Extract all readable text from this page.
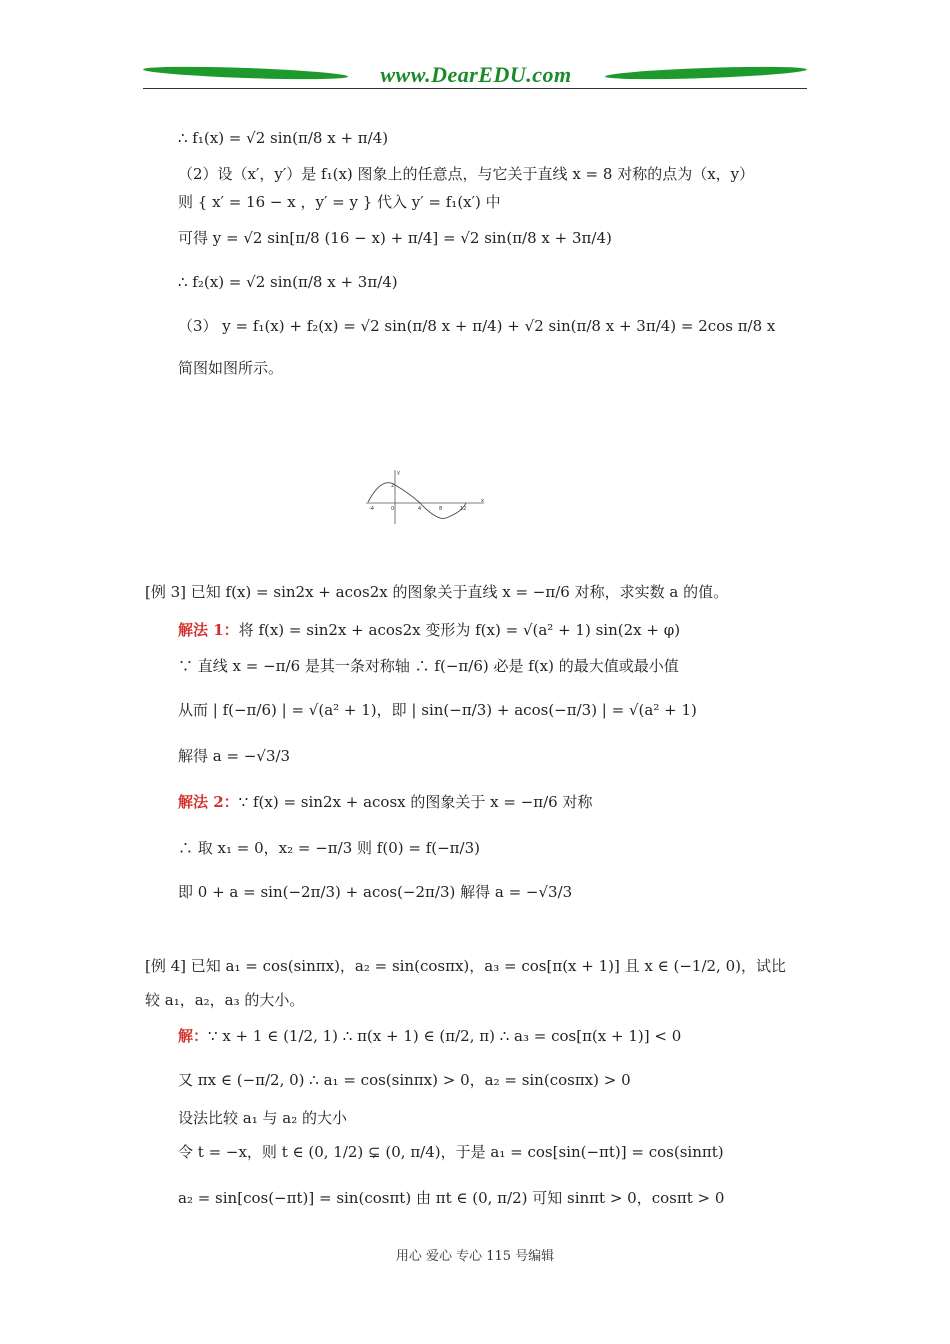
www.DearEDU.com
∴ f₁(x) = √2 sin(π/8 x + π/4)
（2）设（x′，y′）是 f₁(x) 图象上的任意点，与它关于直线 x = 8 对称的点为（x，y）
则 { x′ = 16 − x ，y′ = y } 代入 y′ = f₁(x′) 中
可得 y = √2 sin[π/8 (16 − x) + π/4] = √2 sin(π/8 x + 3π/4)
∴ f₂(x) = √2 sin(π/8 x + 3π/4)
（3） y = f₁(x) + f₂(x) = √2 sin(π/8 x + π/4) + √2 sin(π/8 x + 3π/4) = 2cos π/8 x
简图如图所示。
x
y
2
-4	0	4	8	12
[例 3] 已知 f(x) = sin2x + acos2x 的图象关于直线 x = −π/6 对称，求实数 a 的值。
解法 1：将 f(x) = sin2x + acos2x 变形为 f(x) = √(a² + 1) sin(2x + φ)
∵ 直线 x = −π/6 是其一条对称轴 ∴ f(−π/6) 必是 f(x) 的最大值或最小值
从而 | f(−π/6) | = √(a² + 1)，即 | sin(−π/3) + acos(−π/3) | = √(a² + 1)
解得 a = −√3/3
解法 2：∵ f(x) = sin2x + acosx 的图象关于 x = −π/6 对称
∴ 取 x₁ = 0，x₂ = −π/3 则 f(0) = f(−π/3)
即 0 + a = sin(−2π/3) + acos(−2π/3) 解得 a = −√3/3
[例 4] 已知 a₁ = cos(sinπx)，a₂ = sin(cosπx)，a₃ = cos[π(x + 1)] 且 x ∈ (−1/2, 0)，试比
较 a₁，a₂，a₃ 的大小。
解：∵ x + 1 ∈ (1/2, 1) ∴ π(x + 1) ∈ (π/2, π) ∴ a₃ = cos[π(x + 1)] < 0
又 πx ∈ (−π/2, 0) ∴ a₁ = cos(sinπx) > 0，a₂ = sin(cosπx) > 0
设法比较 a₁ 与 a₂ 的大小
令 t = −x，则 t ∈ (0, 1/2) ⊊ (0, π/4)，于是 a₁ = cos[sin(−πt)] = cos(sinπt)
a₂ = sin[cos(−πt)] = sin(cosπt) 由 πt ∈ (0, π/2) 可知 sinπt > 0，cosπt > 0
用心 爱心 专心 115 号编辑
